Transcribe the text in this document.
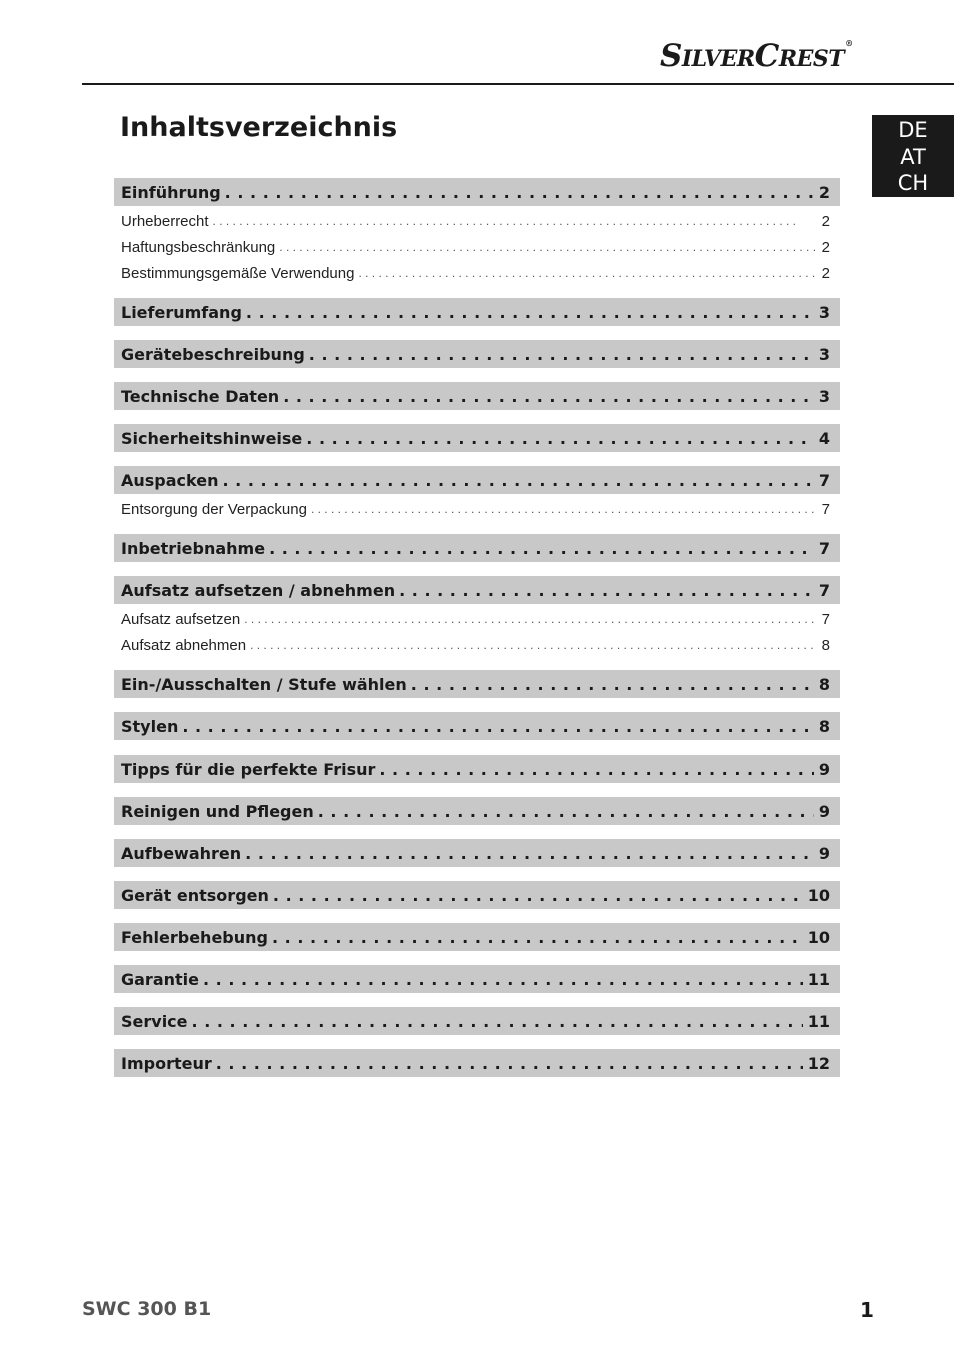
SILVERCREST®
DE
AT
CH
Inhaltsverzeichnis
Einführung .....	2
Urheberrecht . . .	2
Haftungsbeschränkung . . .	2
Bestimmungsgemäße Verwendung . . .	2
Lieferumfang .....	3
Gerätebeschreibung .....	3
Technische Daten .....	3
Sicherheitshinweise .....	4
Auspacken .....	7
Entsorgung der Verpackung . . .	7
Inbetriebnahme .....	7
Aufsatz aufsetzen / abnehmen .....	7
Aufsatz aufsetzen . . .	7
Aufsatz abnehmen . . .	8
Ein-/Ausschalten / Stufe wählen .....	8
Stylen .....	8
Tipps für die perfekte Frisur .....	9
Reinigen und Pflegen .....	9
Aufbewahren .....	9
Gerät entsorgen .....	10
Fehlerbehebung .....	10
Garantie .....	11
Service .....	11
Importeur .....	12
SWC 300 B1	1
